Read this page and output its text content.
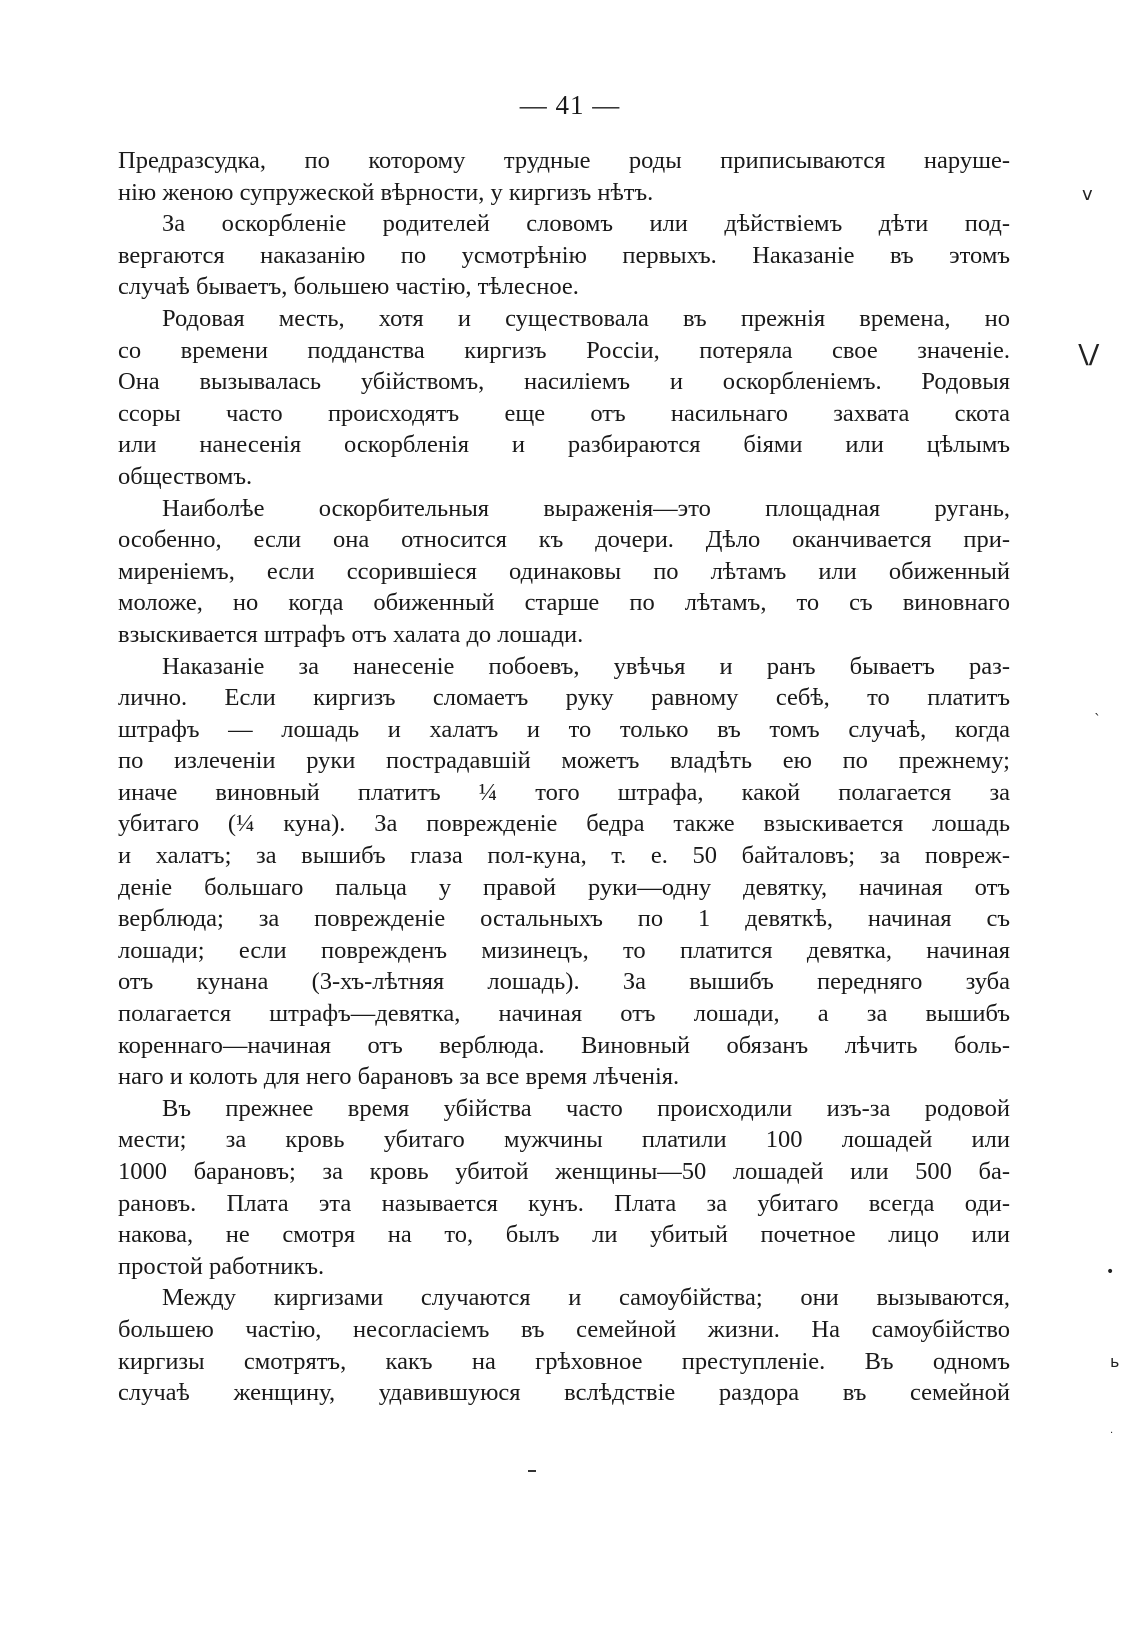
— 41 —
Предразсудка, по которому трудные роды приписываются наруше-
нію женою супружеской вѣрности, у киргизъ нѣтъ.
За оскорбленіе родителей словомъ или дѣйствіемъ дѣти под-
вергаются наказанію по усмотрѣнію первыхъ. Наказаніе въ этомъ
случаѣ бываетъ, большею частію, тѣлесное.
Родовая месть, хотя и существовала въ прежнія времена, но
со времени подданства киргизъ Россіи, потеряла свое значеніе.
Она вызывалась убійствомъ, насиліемъ и оскорбленіемъ. Родовыя
ссоры часто происходятъ еще отъ насильнаго захвата скота
или нанесенія оскорбленія и разбираются біями или цѣлымъ
обществомъ.
Наиболѣе оскорбительныя выраженія—это площадная ругань,
особенно, если она относится къ дочери. Дѣло оканчивается при-
миреніемъ, если ссорившіеся одинаковы по лѣтамъ или обиженный
моложе, но когда обиженный старше по лѣтамъ, то съ виновнаго
взыскивается штрафъ отъ халата до лошади.
Наказаніе за нанесеніе побоевъ, увѣчья и ранъ бываетъ раз-
лично. Если киргизъ сломаетъ руку равному себѣ, то платитъ
штрафъ — лошадь и халатъ и то только въ томъ случаѣ, когда
по излеченіи руки пострадавшій можетъ владѣть ею по прежнему;
иначе виновный платитъ ¼ того штрафа, какой полагается за
убитаго (¼ куна). За поврежденіе бедра также взыскивается лошадь
и халатъ; за вышибъ глаза пол-куна, т. е. 50 байталовъ; за повреж-
деніе большаго пальца у правой руки—одну девятку, начиная отъ
верблюда; за поврежденіе остальныхъ по 1 девяткѣ, начиная съ
лошади; если поврежденъ мизинецъ, то платится девятка, начиная
отъ кунана (3-хъ-лѣтняя лошадь). За вышибъ передняго зуба
полагается штрафъ—девятка, начиная отъ лошади, а за вышибъ
кореннаго—начиная отъ верблюда. Виновный обязанъ лѣчить боль-
наго и колоть для него барановъ за все время лѣченія.
Въ прежнее время убійства часто происходили изъ-за родовой
мести; за кровь убитаго мужчины платили 100 лошадей или
1000 барановъ; за кровь убитой женщины—50 лошадей или 500 ба-
рановъ. Плата эта называется кунъ. Плата за убитаго всегда оди-
накова, не смотря на то, былъ ли убитый почетное лицо или
простой работникъ.
Между киргизами случаются и самоубійства; они вызываются,
большею частію, несогласіемъ въ семейной жизни. На самоубійство
киргизы смотрятъ, какъ на грѣховное преступленіе. Въ одномъ
случаѣ женщину, удавившуюся вслѣдствіе раздора въ семейной
v
\/
ˎ
•
ь
·
